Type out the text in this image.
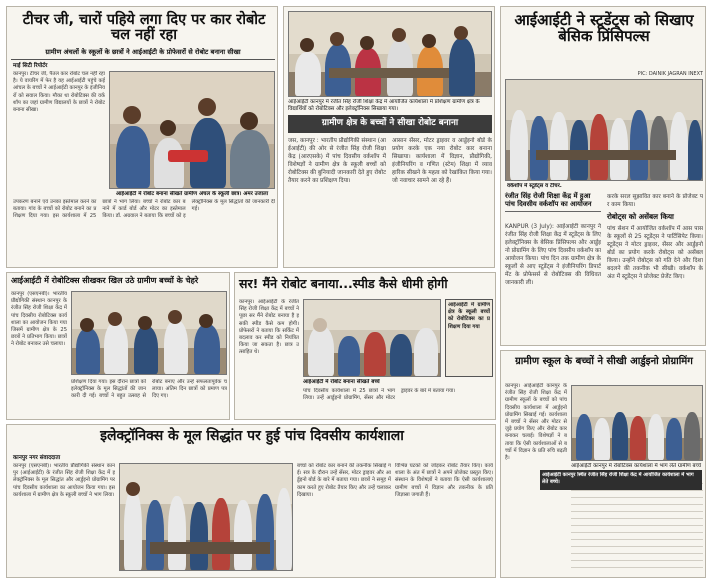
टीचर जी, चारों पहिये लगा दिए पर कार रोबोट चल नहीं रहा
ग्रामीण अंचलों के स्कूलों के छात्रों ने आईआईटी के प्रोफेसरों से रोबोट बनाना सीखा
माई सिटी रिपोर्टर
कानपुर। टीचर जी, पैंतल कार रोबोट चल नहीं रहा है। ये वायरिंग में फेर है यह आईआईटी पहुंचे कई आंचल के बच्चों ने आईआईटी कानपुर के इंजीनियरों को सवाल किया। मौका था रोबोटिक्स की वर्कशॉप का जहां ग्रामीण विद्यालयों के छात्रों ने रोबोट बनाना सीखा।
आईआईटी में रोबोट बनाना सीखते ग्रामीण अंचल के स्कूली छात्र। अमर उजाला
उपकरण बनाने एवं उनका इस्तेमाल करने का बताया। गांव के बच्चों को रोबोट बनाने का प्रशिक्षण दिया गया। इस कार्यशाला में 25 छात्रों ने भाग लिया। बच्चों ने रोबोट कार बनाने में कार्ड बोर्ड और मोटर का इस्तेमाल किया। डॉ. अग्रवाल ने बताया कि बच्चों को इलेक्ट्रॉनिक्स के मूल सिद्धांतों की जानकारी दी गई।
आईआईटी कानपुर में रंजीत सिंह रोजी शिक्षा केंद्र में आयोजित कार्यशाला में प्रशिक्षण ग्रामीण क्षेत्र के विद्यार्थियों को रोबोटिक्स और इलेक्ट्रॉनिक्स सिखाया गया।
ग्रामीण क्षेत्र के बच्चों ने सीखा रोबोट बनाना
जस, कानपुर : भारतीय प्रौद्योगिकी संस्थान (आईआईटी) की ओर से रंजीत सिंह रोजी शिक्षा केंद्र (आरएसके) में पांच दिवसीय वर्कशॉप में विशेषज्ञों ने ग्रामीण क्षेत्र के स्कूली बच्चों को रोबोटिक्स की बुनियादी जानकारी देते हुए रोबोट तैयार करने का प्रशिक्षण दिया।
आसान सेंसर, मोटर ड्राइवर व आर्डुइनो बोर्ड के प्रयोग करके एक नया रोबोट कार बनाना सिखाया। कार्यशाला में विज्ञान, प्रौद्योगिकी, इंजीनियरिंग व गणित (स्टेम) शिक्षा में व्यावहारिक सीखने के महत्व को रेखांकित किया गया। जो नवाचार सामने आ रहे हैं।
आईआईटी ने स्टूडेंट्स को सिखाए बेसिक प्रिंसिपल्स
PIC: DAINIK JAGRAN INEXT
वर्कशॉप में स्टूडेंट्स व टीचर.
रंजीत सिंह रोजी शिक्षा केंद्र में हुआ पांच दिवसीय वर्कशॉप का आयोजन
KANPUR (3 July): आईआईटी कानपुर ने रंजीत सिंह रोजी शिक्षा केंद्र में स्टूडेंट्स के लिए इलेक्ट्रॉनिक्स के बेसिक प्रिंसिपल्स और आर्डुइनो प्रोग्रामिंग के लिए पांच दिवसीय वर्कशॉप का आयोजन किया। पांच दिन तक ग्रामीण क्षेत्र के स्कूलों से आए स्टूडेंट्स ने इंजीनियरिंग डिपार्टमेंट के प्रोफेसर्स से रोबोटिक्स की विधिवत जानकारी ली।
करके सरल सुझावित कार बनाने के प्रोजेक्ट पर काम किया।
रोबोट्स को असेंबल किया
पांच सेशन में आयोजित वर्कशॉप में आस पास के स्कूलों से 25 स्टूडेंट्स ने पार्टिसिपेट किया। स्टूडेंट्स ने मोटर ड्राइवर, सेंसर और आर्डुइनो बोर्ड का प्रयोग करके रोबोट्स को असेंबल किया। उन्होंने रोबोट्स को गति देने और दिशा बदलने की तकनीक भी सीखी। वर्कशॉप के अंत में स्टूडेंट्स ने प्रोजेक्ट प्रेजेंट किए।
आईआईटी में रोबोटिक्स सीखकर खिल उठे ग्रामीण बच्चों के चेहरे
कानपुर (एसएनबी)। भारतीय प्रौद्योगिकी संस्थान कानपुर के रंजीत सिंह रोजी शिक्षा केंद्र में पांच दिवसीय रोबोटिक्स कार्यशाला का आयोजन किया गया जिसमें ग्रामीण क्षेत्र के 25 छात्रों ने प्रतिभाग किया। छात्रों ने रोबोट बनाकर उसे चलाया।
प्रशिक्षण दिया गया। इस दौरान छात्रों को इलेक्ट्रॉनिक्स के मूल सिद्धांतों की जानकारी दी गई। बच्चों ने बहुत उत्साह से रोबोट बनाए और उन्हें सफलतापूर्वक चलाया। अंतिम दिन छात्रों को प्रमाण पत्र दिए गए।
सर! मैंने रोबोट बनाया...स्पीड कैसे धीमी होगी
कानपुर। आईआईटी के रंजीत सिंह रोजी शिक्षा केंद्र में बच्चों ने पूछा सर मैंने रोबोट बनाया है इसकी स्पीड कैसे कम होगी। प्रोफेसरों ने बताया कि सर्किट में बदलाव कर स्पीड को नियंत्रित किया जा सकता है। छात्र उत्साहित थे।
आईआईटी में ग्रामीण क्षेत्र के स्कूली बच्चों को रोबोटिक्स का प्रशिक्षण दिया गया
आईआईटी में रोबोट बनाना सीखते बच्चे
पांच दिवसीय कार्यशाला में 25 छात्रों ने भाग लिया। उन्हें आर्डुइनो प्रोग्रामिंग, सेंसर और मोटर ड्राइवर के बारे में बताया गया।
ग्रामीण स्कूल के बच्चों ने सीखी आर्डुइनो प्रोग्रामिंग
कानपुर। आईआईटी कानपुर के रंजीत सिंह रोजी शिक्षा केंद्र में ग्रामीण स्कूलों के बच्चों को पांच दिवसीय कार्यशाला में आर्डुइनो प्रोग्रामिंग सिखाई गई। कार्यशाला में बच्चों ने सेंसर और मोटर से जुड़े प्रयोग किए और रोबोट कार बनाकर चलाई। विशेषज्ञों ने बताया कि ऐसी कार्यशालाओं से बच्चों में विज्ञान के प्रति रुचि बढ़ती है।
आईआईटी कानपुर में रोबोटिक्स कार्यशाला में भाग लेते ग्रामीण बच्चे
इलेक्ट्रॉनिक्स के मूल सिद्धांत पर हुई पांच दिवसीय कार्यशाला
कानपुर नगर संवाददाता
कानपुर (एसएनबी)। भारतीय प्रौद्योगिकी संस्थान कानपुर (आईआईटी) के रंजीत सिंह रोजी शिक्षा केंद्र में इलेक्ट्रॉनिक्स के मूल सिद्धांत और आर्डुइनो प्रोग्रामिंग पर पांच दिवसीय कार्यशाला का आयोजन किया गया। इस कार्यशाला में ग्रामीण क्षेत्र के स्कूली बच्चों ने भाग लिया।
बच्चों को रोबोट कार बनाने की तकनीक सिखाई गई। सत्र के दौरान उन्हें सेंसर, मोटर ड्राइवर और आर्डुइनो बोर्ड के बारे में बताया गया। छात्रों ने समूह में काम करते हुए रोबोट तैयार किए और उन्हें चलाकर दिखाया।
विभिन्न घटकों को जोड़कर रोबोट तैयार किए। कार्यशाला के अंत में छात्रों ने अपने प्रोजेक्ट प्रस्तुत किए। संस्थान के विशेषज्ञों ने बताया कि ऐसी कार्यशालाएं ग्रामीण बच्चों में विज्ञान और तकनीक के प्रति जिज्ञासा जगाती हैं।
आईआईटी कानपुर स्थित रंजीत सिंह रोजी शिक्षा केंद्र में आयोजित कार्यशाला में भाग लेते बच्चे।
